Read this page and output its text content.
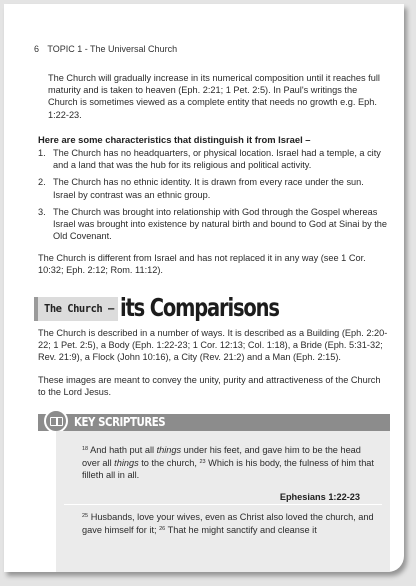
6 TOPIC 1 - The Universal Church
The Church will gradually increase in its numerical composition until it reaches full maturity and is taken to heaven (Eph. 2:21; 1 Pet. 2:5). In Paul's writings the Church is sometimes viewed as a complete entity that needs no growth e.g. Eph. 1:22-23.
Here are some characteristics that distinguish it from Israel –
1. The Church has no headquarters, or physical location. Israel had a temple, a city and a land that was the hub for its religious and political activity.
2. The Church has no ethnic identity. It is drawn from every race under the sun. Israel by contrast was an ethnic group.
3. The Church was brought into relationship with God through the Gospel whereas Israel was brought into existence by natural birth and bound to God at Sinai by the Old Covenant.
The Church is different from Israel and has not replaced it in any way (see 1 Cor. 10:32; Eph. 2:12; Rom. 11:12).
The Church – its Comparisons
The Church is described in a number of ways. It is described as a Building (Eph. 2:20-22; 1 Pet. 2:5), a Body (Eph. 1:22-23; 1 Cor. 12:13; Col. 1:18), a Bride (Eph. 5:31-32; Rev. 21:9), a Flock (John 10:16), a City (Rev. 21:2) and a Man (Eph. 2:15).
These images are meant to convey the unity, purity and attractiveness of the Church to the Lord Jesus.
KEY SCRIPTURES
$^{18}$ And hath put all things under his feet, and gave him to be the head over all things to the church, $^{23}$ Which is his body, the fulness of him that filleth all in all.
Ephesians 1:22-23
$^{25}$ Husbands, love your wives, even as Christ also loved the church, and gave himself for it; $^{26}$ That he might sanctify and cleanse it
